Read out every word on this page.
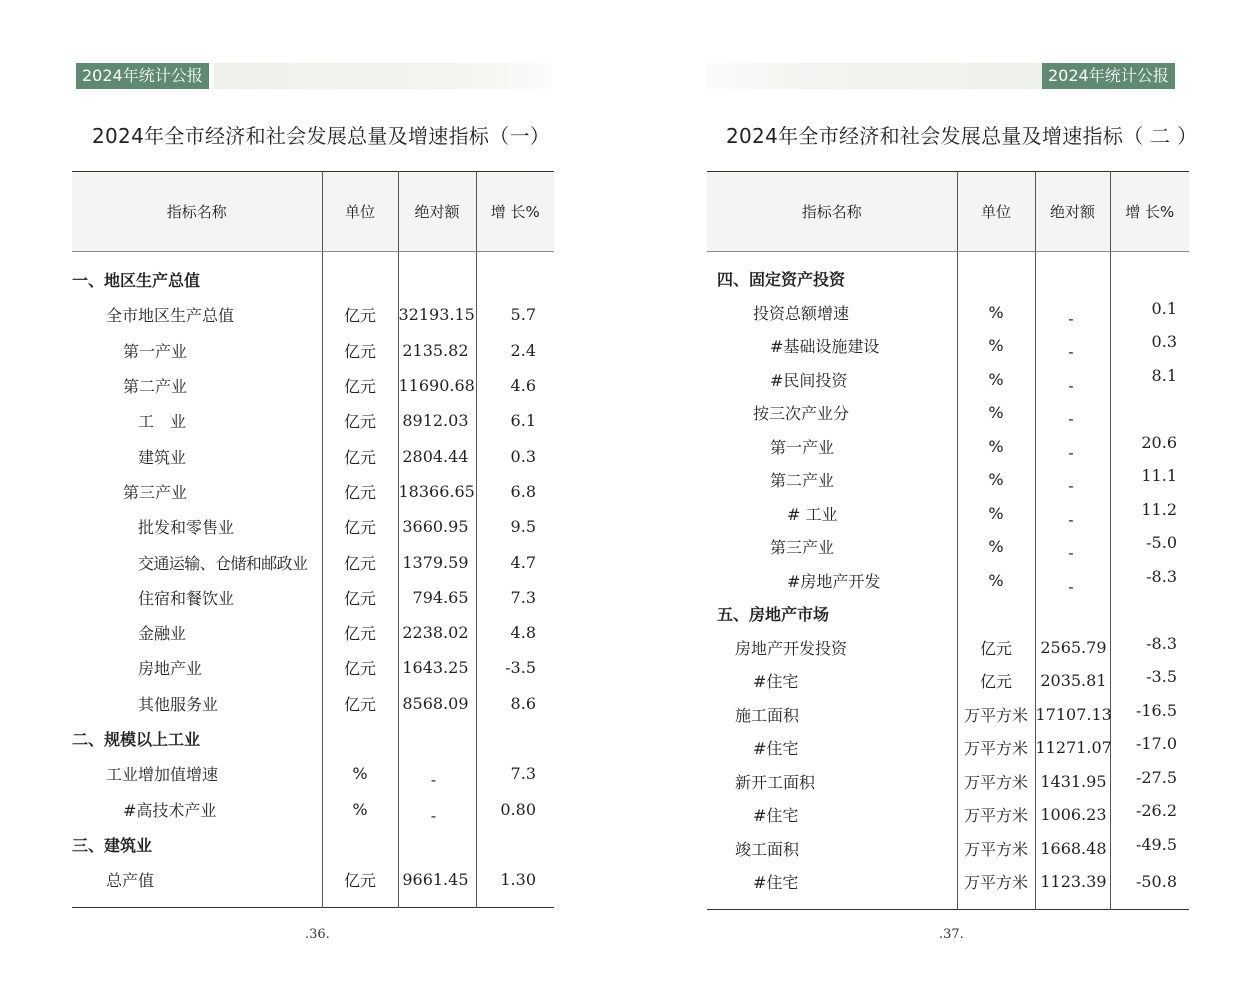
2024年统计公报
2024年全市经济和社会发展总量及增速指标（一）
指标名称	单位	绝对额	增 长%

一、地区生产总值			
全市地区生产总值	亿元	32193.15	5.7
第一产业	亿元	2135.82	2.4
第二产业	亿元	11690.68	4.6
工　业	亿元	8912.03	6.1
建筑业	亿元	2804.44	0.3
第三产业	亿元	18366.65	6.8
批发和零售业	亿元	3660.95	9.5
交通运输、仓储和邮政业	亿元	1379.59	4.7
住宿和餐饮业	亿元	794.65	7.3
金融业	亿元	2238.02	4.8
房地产业	亿元	1643.25	-3.5
其他服务业	亿元	8568.09	8.6
二、规模以上工业			
工业增加值增速	%	-	7.3
#高技术产业	%	-	0.80
三、建筑业			
总产值	亿元	9661.45	1.30

.36.
2024年统计公报
2024年全市经济和社会发展总量及增速指标（ 二 ）
指标名称	单位	绝对额	增 长%

四、固定资产投资			
投资总额增速	%	-	0.1
#基础设施建设	%	-	0.3
#民间投资	%	-	8.1
按三次产业分	%	-	
第一产业	%	-	20.6
第二产业	%	-	11.1
# 工业	%	-	11.2
第三产业	%	-	-5.0
#房地产开发	%	-	-8.3
五、房地产市场			
房地产开发投资	亿元	2565.79	-8.3
#住宅	亿元	2035.81	-3.5
施工面积	万平方米	17107.13	-16.5
#住宅	万平方米	11271.07	-17.0
新开工面积	万平方米	1431.95	-27.5
#住宅	万平方米	1006.23	-26.2
竣工面积	万平方米	1668.48	-49.5
#住宅	万平方米	1123.39	-50.8

.37.
